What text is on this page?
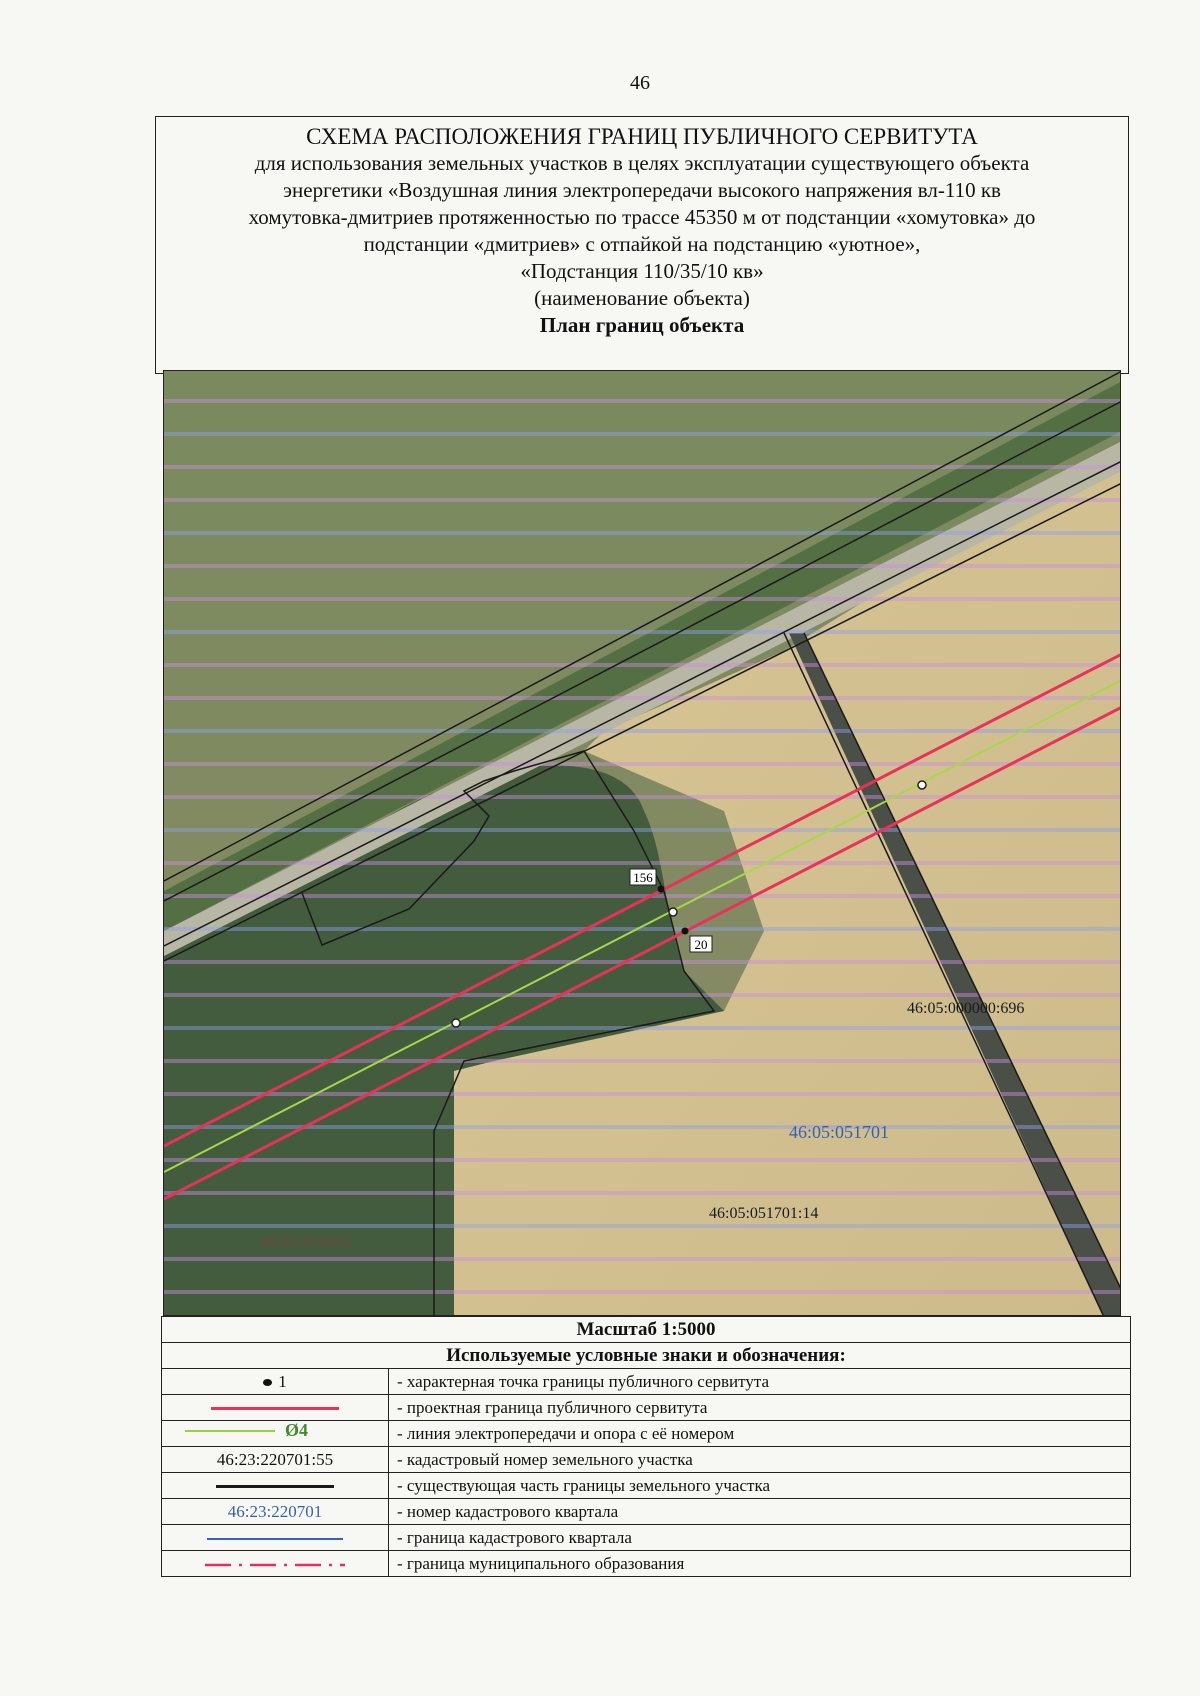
46
СХЕМА РАСПОЛОЖЕНИЯ ГРАНИЦ ПУБЛИЧНОГО СЕРВИТУТА
для использования земельных участков в целях эксплуатации существующего объекта
энергетики «Воздушная линия электропередачи высокого напряжения вл-110 кв
хомутовка-дмитриев протяженностью по трассе 45350 м от подстанции «хомутовка» до
подстанции «дмитриев» с отпайкой на подстанцию «уютное»,
«Подстанция 110/35/10 кв»
(наименование объекта)
План границ объекта
156
20
46:05:000000:696
46:05:051701
46:05:051701:14
46:05:050001
Масштаб 1:5000	
Используемые условные знаки и обозначения:	
1	- характерная точка границы публичного сервитута
	- проектная граница публичного сервитута

Ø4	- линия электропередачи и опора с её номером
46:23:220701:55	- кадастровый номер земельного участка
	- существующая часть границы земельного участка
46:23:220701	- номер кадастрового квартала
	- граница кадастрового квартала
	- граница муниципального образования
